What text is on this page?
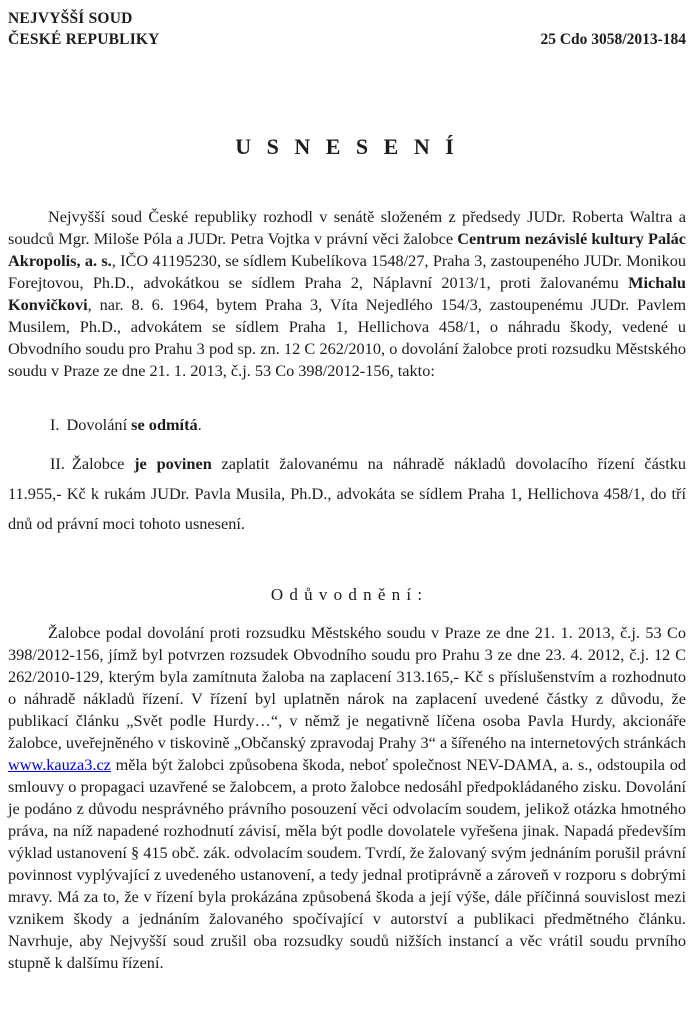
NEJVYŠŠÍ SOUD
ČESKÉ REPUBLIKY	25 Cdo 3058/2013-184
U S N E S E N Í

Nejvyšší soud České republiky rozhodl v senátě složeném z předsedy JUDr. Roberta Waltra a soudců Mgr. Miloše Póla a JUDr. Petra Vojtka v právní věci žalobce Centrum nezávislé kultury Palác Akropolis, a. s., IČO 41195230, se sídlem Kubelíkova 1548/27, Praha 3, zastoupeného JUDr. Monikou Forejtovou, Ph.D., advokátkou se sídlem Praha 2, Náplavní 2013/1, proti žalovanému Michalu Konvičkovi, nar. 8. 6. 1964, bytem Praha 3, Víta Nejedlého 154/3, zastoupenému JUDr. Pavlem Musilem, Ph.D., advokátem se sídlem Praha 1, Hellichova 458/1, o náhradu škody, vedené u Obvodního soudu pro Prahu 3 pod sp. zn. 12 C 262/2010, o dovolání žalobce proti rozsudku Městského soudu v Praze ze dne 21. 1. 2013, č.j. 53 Co 398/2012-156, takto:

I. Dovolání se odmítá.

II. Žalobce je povinen zaplatit žalovanému na náhradě nákladů dovolacího řízení částku 11.955,- Kč k rukám JUDr. Pavla Musila, Ph.D., advokáta se sídlem Praha 1, Hellichova 458/1, do tří dnů od právní moci tohoto usnesení.

O d ů v o d n ě n í :

Žalobce podal dovolání proti rozsudku Městského soudu v Praze ze dne 21. 1. 2013, č.j. 53 Co 398/2012-156, jímž byl potvrzen rozsudek Obvodního soudu pro Prahu 3 ze dne 23. 4. 2012, č.j. 12 C 262/2010-129, kterým byla zamítnuta žaloba na zaplacení 313.165,- Kč s příslušenstvím a rozhodnuto o náhradě nákladů řízení. V řízení byl uplatněn nárok na zaplacení uvedené částky z důvodu, že publikací článku „Svět podle Hurdy…“, v němž je negativně líčena osoba Pavla Hurdy, akcionáře žalobce, uveřejněného v tiskovině „Občanský zpravodaj Prahy 3“ a šířeného na internetových stránkách www.kauza3.cz měla být žalobci způsobena škoda, neboť společnost NEV-DAMA, a. s., odstoupila od smlouvy o propagaci uzavřené se žalobcem, a proto žalobce nedosáhl předpokládaného zisku. Dovolání je podáno z důvodu nesprávného právního posouzení věci odvolacím soudem, jelikož otázka hmotného práva, na níž napadené rozhodnutí závisí, měla být podle dovolatele vyřešena jinak. Napadá především výklad ustanovení § 415 obč. zák. odvolacím soudem. Tvrdí, že žalovaný svým jednáním porušil právní povinnost vyplývající z uvedeného ustanovení, a tedy jednal protiprávně a zároveň v rozporu s dobrými mravy. Má za to, že v řízení byla prokázána způsobená škoda a její výše, dále příčinná souvislost mezi vznikem škody a jednáním žalovaného spočívající v autorství a publikaci předmětného článku. Navrhuje, aby Nejvyšší soud zrušil oba rozsudky soudů nižších instancí a věc vrátil soudu prvního stupně k dalšímu řízení.
